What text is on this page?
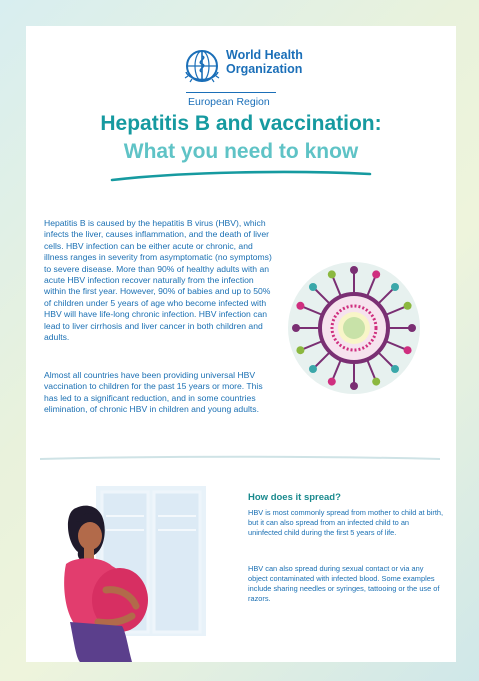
World Health Organization
European Region
Hepatitis B and vaccination:
What you need to know
Hepatitis B is caused by the hepatitis B virus (HBV), which infects the liver, causes inflammation, and the death of liver cells. HBV infection can be either acute or chronic, and illness ranges in severity from asymptomatic (no symptoms) to severe disease. More than 90% of healthy adults with an acute HBV infection recover naturally from the infection within the first year. However, 90% of babies and up to 50% of children under 5 years of age who become infected with HBV will have life-long chronic infection. HBV infection can lead to liver cirrhosis and liver cancer in both children and adults.
Almost all countries have been providing universal HBV vaccination to children for the past 15 years or more. This has led to a significant reduction, and in some countries elimination, of chronic HBV in children and young adults.
How does it spread?
HBV is most commonly spread from mother to child at birth, but it can also spread from an infected child to an uninfected child during the first 5 years of life.
HBV can also spread during sexual contact or via any object contaminated with infected blood. Some examples include sharing needles or syringes, tattooing or the use of razors.
